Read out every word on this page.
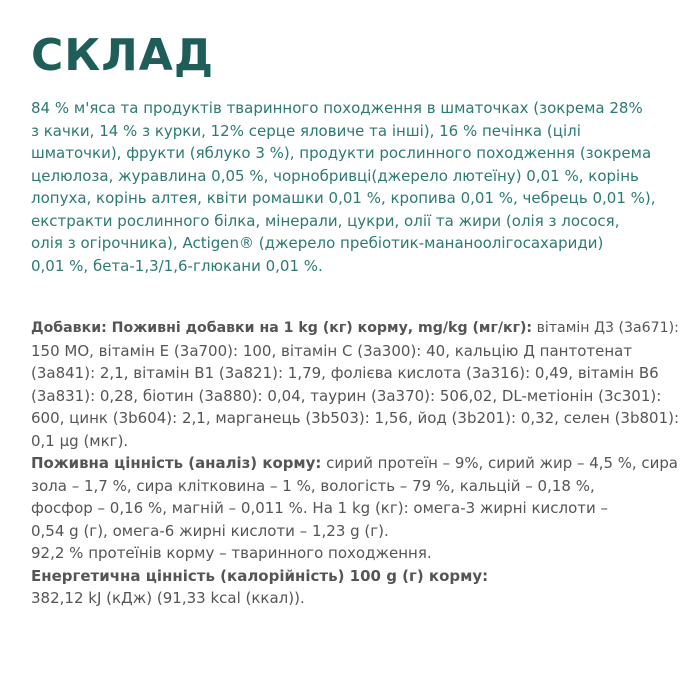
СКЛАД
84 % м'яса та продуктів тваринного походження в шматочках (зокрема 28%
з качки, 14 % з курки, 12% серце яловиче та інші), 16 % печінка (цілі
шматочки), фрукти (яблуко 3 %), продукти рослинного походження (зокрема
целюлоза, журавлина 0,05 %, чорнобривці(джерело лютеїну) 0,01 %, корінь
лопуха, корінь алтея, квіти ромашки 0,01 %, кропива 0,01 %, чебрець 0,01 %),
екстракти рослинного білка, мінерали, цукри, олії та жири (олія з лосося,
олія з огірочника), Actigen® (джерело пребіотик-мананоолігосахариди)
0,01 %, бета-1,3/1,6-глюкани 0,01 %.
Добавки: Поживні добавки на 1 kg (кг) корму, mg/kg (мг/кг): вітамін Д3 (3a671):
150 МО, вітамін Е (3a700): 100, вітамін С (3a300): 40, кальцію Д пантотенат
(3a841): 2,1, вітамін В1 (3a821): 1,79, фолієва кислота (3a316): 0,49, вітамін В6
(3a831): 0,28, біотин (3a880): 0,04, таурин (3a370): 506,02, DL-метіонін (3c301):
600, цинк (3b604): 2,1, марганець (3b503): 1,56, йод (3b201): 0,32, селен (3b801):
0,1 µg (мкг).
Поживна цінність (аналіз) корму: сирий протеїн – 9%, сирий жир – 4,5 %, сира
зола – 1,7 %, сира клітковина – 1 %, вологість – 79 %, кальцій – 0,18 %,
фосфор – 0,16 %, магній – 0,011 %. На 1 kg (кг): омега-3 жирні кислоти –
0,54 g (г), омега-6 жирні кислоти – 1,23 g (г).
92,2 % протеїнів корму – тваринного походження.
Енергетична цінність (калорійність) 100 g (г) корму:
382,12 kJ (кДж) (91,33 kcal (ккал)).
